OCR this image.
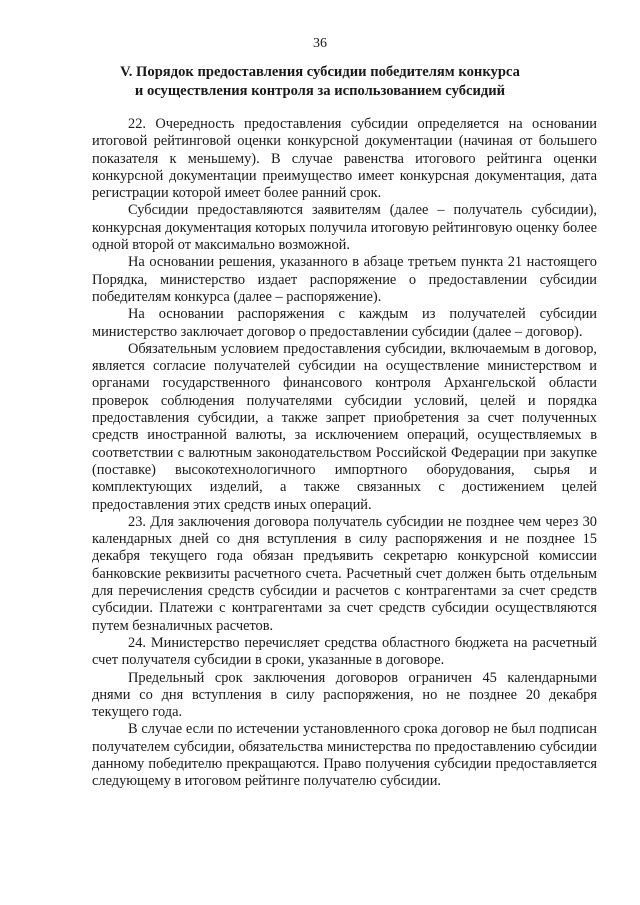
36
V. Порядок предоставления субсидии победителям конкурса
и осуществления контроля за использованием субсидий

22. Очередность предоставления субсидии определяется на основании итоговой рейтинговой оценки конкурсной документации (начиная от большего показателя к меньшему). В случае равенства итогового рейтинга оценки конкурсной документации преимущество имеет конкурсная документация, дата регистрации которой имеет более ранний срок.

Субсидии предоставляются заявителям (далее – получатель субсидии), конкурсная документация которых получила итоговую рейтинговую оценку более одной второй от максимально возможной.

На основании решения, указанного в абзаце третьем пункта 21 настоящего Порядка, министерство издает распоряжение о предоставлении субсидии победителям конкурса (далее – распоряжение).

На основании распоряжения с каждым из получателей субсидии министерство заключает договор о предоставлении субсидии (далее – договор).

Обязательным условием предоставления субсидии, включаемым в договор, является согласие получателей субсидии на осуществление министерством и органами государственного финансового контроля Архангельской области проверок соблюдения получателями субсидии условий, целей и порядка предоставления субсидии, а также запрет приобретения за счет полученных средств иностранной валюты, за исключением операций, осуществляемых в соответствии с валютным законодательством Российской Федерации при закупке (поставке) высокотехнологичного импортного оборудования, сырья и комплектующих изделий, а также связанных с достижением целей предоставления этих средств иных операций.

23. Для заключения договора получатель субсидии не позднее чем через 30 календарных дней со дня вступления в силу распоряжения и не позднее 15 декабря текущего года обязан предъявить секретарю конкурсной комиссии банковские реквизиты расчетного счета. Расчетный счет должен быть отдельным для перечисления средств субсидии и расчетов с контрагентами за счет средств субсидии. Платежи с контрагентами за счет средств субсидии осуществляются путем безналичных расчетов.

24. Министерство перечисляет средства областного бюджета на расчетный счет получателя субсидии в сроки, указанные в договоре.

Предельный срок заключения договоров ограничен 45 календарными днями со дня вступления в силу распоряжения, но не позднее 20 декабря текущего года.

В случае если по истечении установленного срока договор не был подписан получателем субсидии, обязательства министерства по предоставлению субсидии данному победителю прекращаются. Право получения субсидии предоставляется следующему в итоговом рейтинге получателю субсидии.
